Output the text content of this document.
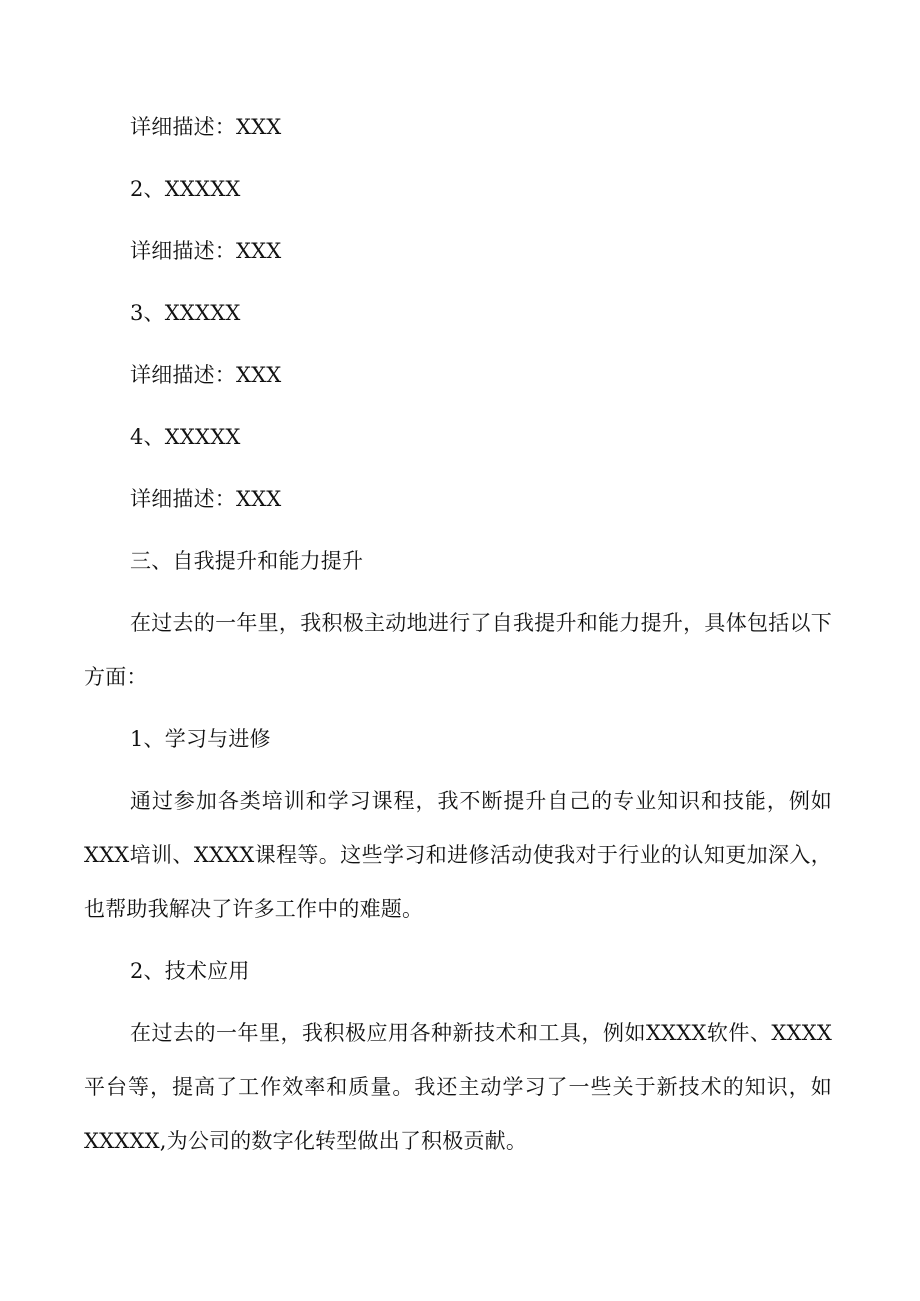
详细描述：XXX

2、XXXXX

详细描述：XXX

3、XXXXX

详细描述：XXX

4、XXXXX

详细描述：XXX

三、自我提升和能力提升

在过去的一年里，我积极主动地进行了自我提升和能力提升，具体包括以下方面：

1、学习与进修

通过参加各类培训和学习课程，我不断提升自己的专业知识和技能，例如XXX培训、XXXX课程等。这些学习和进修活动使我对于行业的认知更加深入，也帮助我解决了许多工作中的难题。

2、技术应用

在过去的一年里，我积极应用各种新技术和工具，例如XXXX软件、XXXX平台等，提高了工作效率和质量。我还主动学习了一些关于新技术的知识，如XXXXX,为公司的数字化转型做出了积极贡献。
